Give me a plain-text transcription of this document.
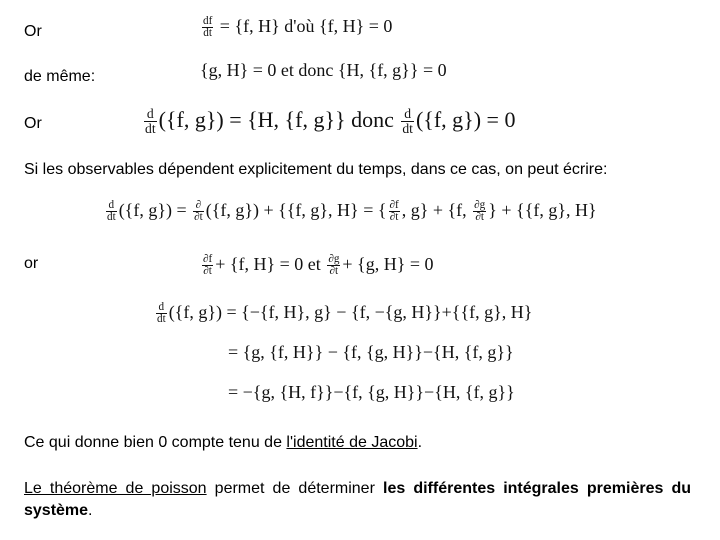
Or
de même:
Or
Si les observables dépendent explicitement du temps, dans ce cas, on peut écrire:
or
$\frac{df}{dt} = \{f$, H} d'où {f, H} = 0
{g, H} = 0 et donc {H, {f, g}} = 0
$\frac{d}{dt} (\{f$, g}) = {H, {f, g}} donc $\frac{d}{dt} (\{f$, g}) = 0
$\frac{d}{dt} (\{f$, $g\}) = \frac{\partial}{\partial t} (\{f$, g}) + {{f, g}, H} = { $\frac{\partial f}{\partial t}$ , g} + {f, $\frac{\partial g}{\partial t}$ } + {{f, g}, H}
$\frac{\partial f}{\partial t} + \{f$, H} = 0 et $\frac{\partial g}{\partial t} + \{g$, H} = 0
$\frac{d}{dt} (\{f$, g}) = {−{f, H}, g} − {f, −{g, H}}+{{f, g}, H}
= {g, {f, H}} − {f, {g, H}}−{H, {f, g}}
= −{g, {H, f}}−{f, {g, H}}−{H, {f, g}}
Ce qui donne bien 0 compte tenu de l'identité de Jacobi.
Le théorème de poisson permet de déterminer les différentes intégrales premières du système.
